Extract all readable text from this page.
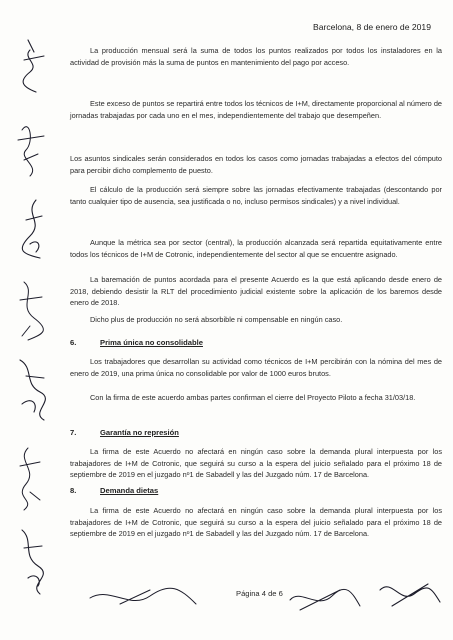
Barcelona, 8 de enero de 2019

La producción mensual será la suma de todos los puntos realizados por todos los instaladores en la actividad de provisión más la suma de puntos en mantenimiento del pago por acceso.

Este exceso de puntos se repartirá entre todos los técnicos de I+M, directamente proporcional al número de jornadas trabajadas por cada uno en el mes, independientemente del trabajo que desempeñen.

Los asuntos sindicales serán considerados en todos los casos como jornadas trabajadas a efectos del cómputo para percibir dicho complemento de puesto.

El cálculo de la producción será siempre sobre las jornadas efectivamente trabajadas (descontando por tanto cualquier tipo de ausencia, sea justificada o no, incluso permisos sindicales) y a nivel individual.

Aunque la métrica sea por sector (central), la producción alcanzada será repartida equitativamente entre todos los técnicos de I+M de Cotronic, independientemente del sector al que se encuentre asignado.

La baremación de puntos acordada para el presente Acuerdo es la que está aplicando desde enero de 2018, debiendo desistir la RLT del procedimiento judicial existente sobre la aplicación de los baremos desde enero de 2018.

Dicho plus de producción no será absorbible ni compensable en ningún caso.

6.	Prima única no consolidable

Los trabajadores que desarrollan su actividad como técnicos de I+M percibirán con la nómina del mes de enero de 2019, una prima única no consolidable por valor de 1000 euros brutos.

Con la firma de este acuerdo ambas partes confirman el cierre del Proyecto Piloto a fecha 31/03/18.

7.	Garantía no represión

La firma de este Acuerdo no afectará en ningún caso sobre la demanda plural interpuesta por los trabajadores de I+M de Cotronic, que seguirá su curso a la espera del juicio señalado para el próximo 18 de septiembre de 2019 en el juzgado nº1 de Sabadell y las del Juzgado núm. 17 de Barcelona.

8.	Demanda dietas

La firma de este Acuerdo no afectará en ningún caso sobre la demanda plural interpuesta por los trabajadores de I+M de Cotronic, que seguirá su curso a la espera del juicio señalado para el próximo 18 de septiembre de 2019 en el juzgado nº1 de Sabadell y las del Juzgado núm. 17 de Barcelona.

Página 4 de 6
